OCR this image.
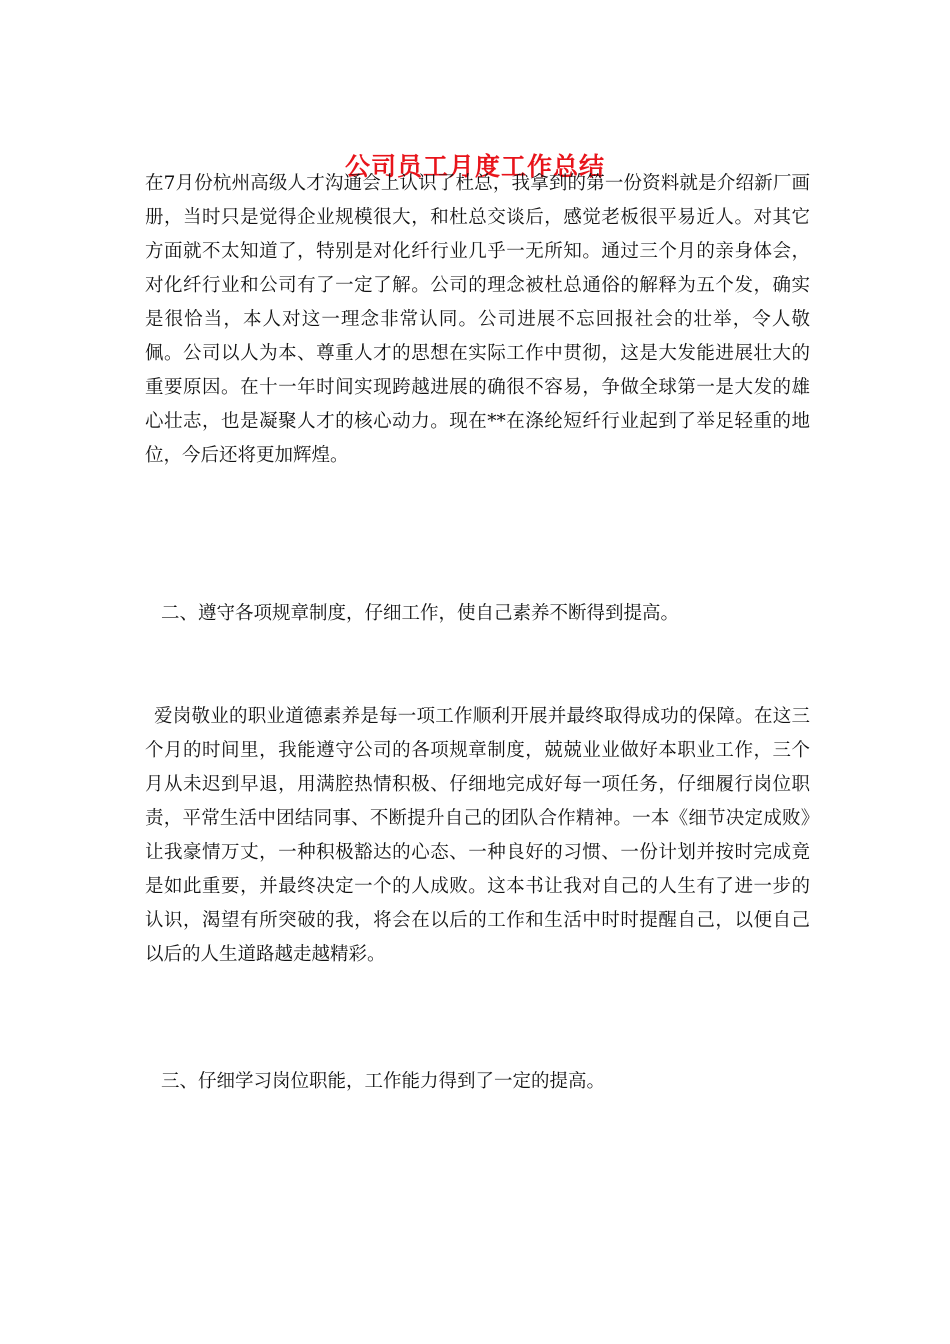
公司员工月度工作总结

在7月份杭州高级人才沟通会上认识了杜总，我拿到的第一份资料就是介绍新厂画册，当时只是觉得企业规模很大，和杜总交谈后，感觉老板很平易近人。对其它方面就不太知道了，特别是对化纤行业几乎一无所知。通过三个月的亲身体会，对化纤行业和公司有了一定了解。公司的理念被杜总通俗的解释为五个发，确实是很恰当，本人对这一理念非常认同。公司进展不忘回报社会的壮举，令人敬佩。公司以人为本、尊重人才的思想在实际工作中贯彻，这是大发能进展壮大的重要原因。在十一年时间实现跨越进展的确很不容易，争做全球第一是大发的雄心壮志，也是凝聚人才的核心动力。现在**在涤纶短纤行业起到了举足轻重的地位，今后还将更加辉煌。

二、遵守各项规章制度，仔细工作，使自己素养不断得到提高。

爱岗敬业的职业道德素养是每一项工作顺利开展并最终取得成功的保障。在这三个月的时间里，我能遵守公司的各项规章制度，兢兢业业做好本职业工作，三个月从未迟到早退，用满腔热情积极、仔细地完成好每一项任务，仔细履行岗位职责，平常生活中团结同事、不断提升自己的团队合作精神。一本《细节决定成败》让我豪情万丈，一种积极豁达的心态、一种良好的习惯、一份计划并按时完成竟是如此重要，并最终决定一个的人成败。这本书让我对自己的人生有了进一步的认识，渴望有所突破的我，将会在以后的工作和生活中时时提醒自己，以便自己以后的人生道路越走越精彩。

三、仔细学习岗位职能，工作能力得到了一定的提高。
